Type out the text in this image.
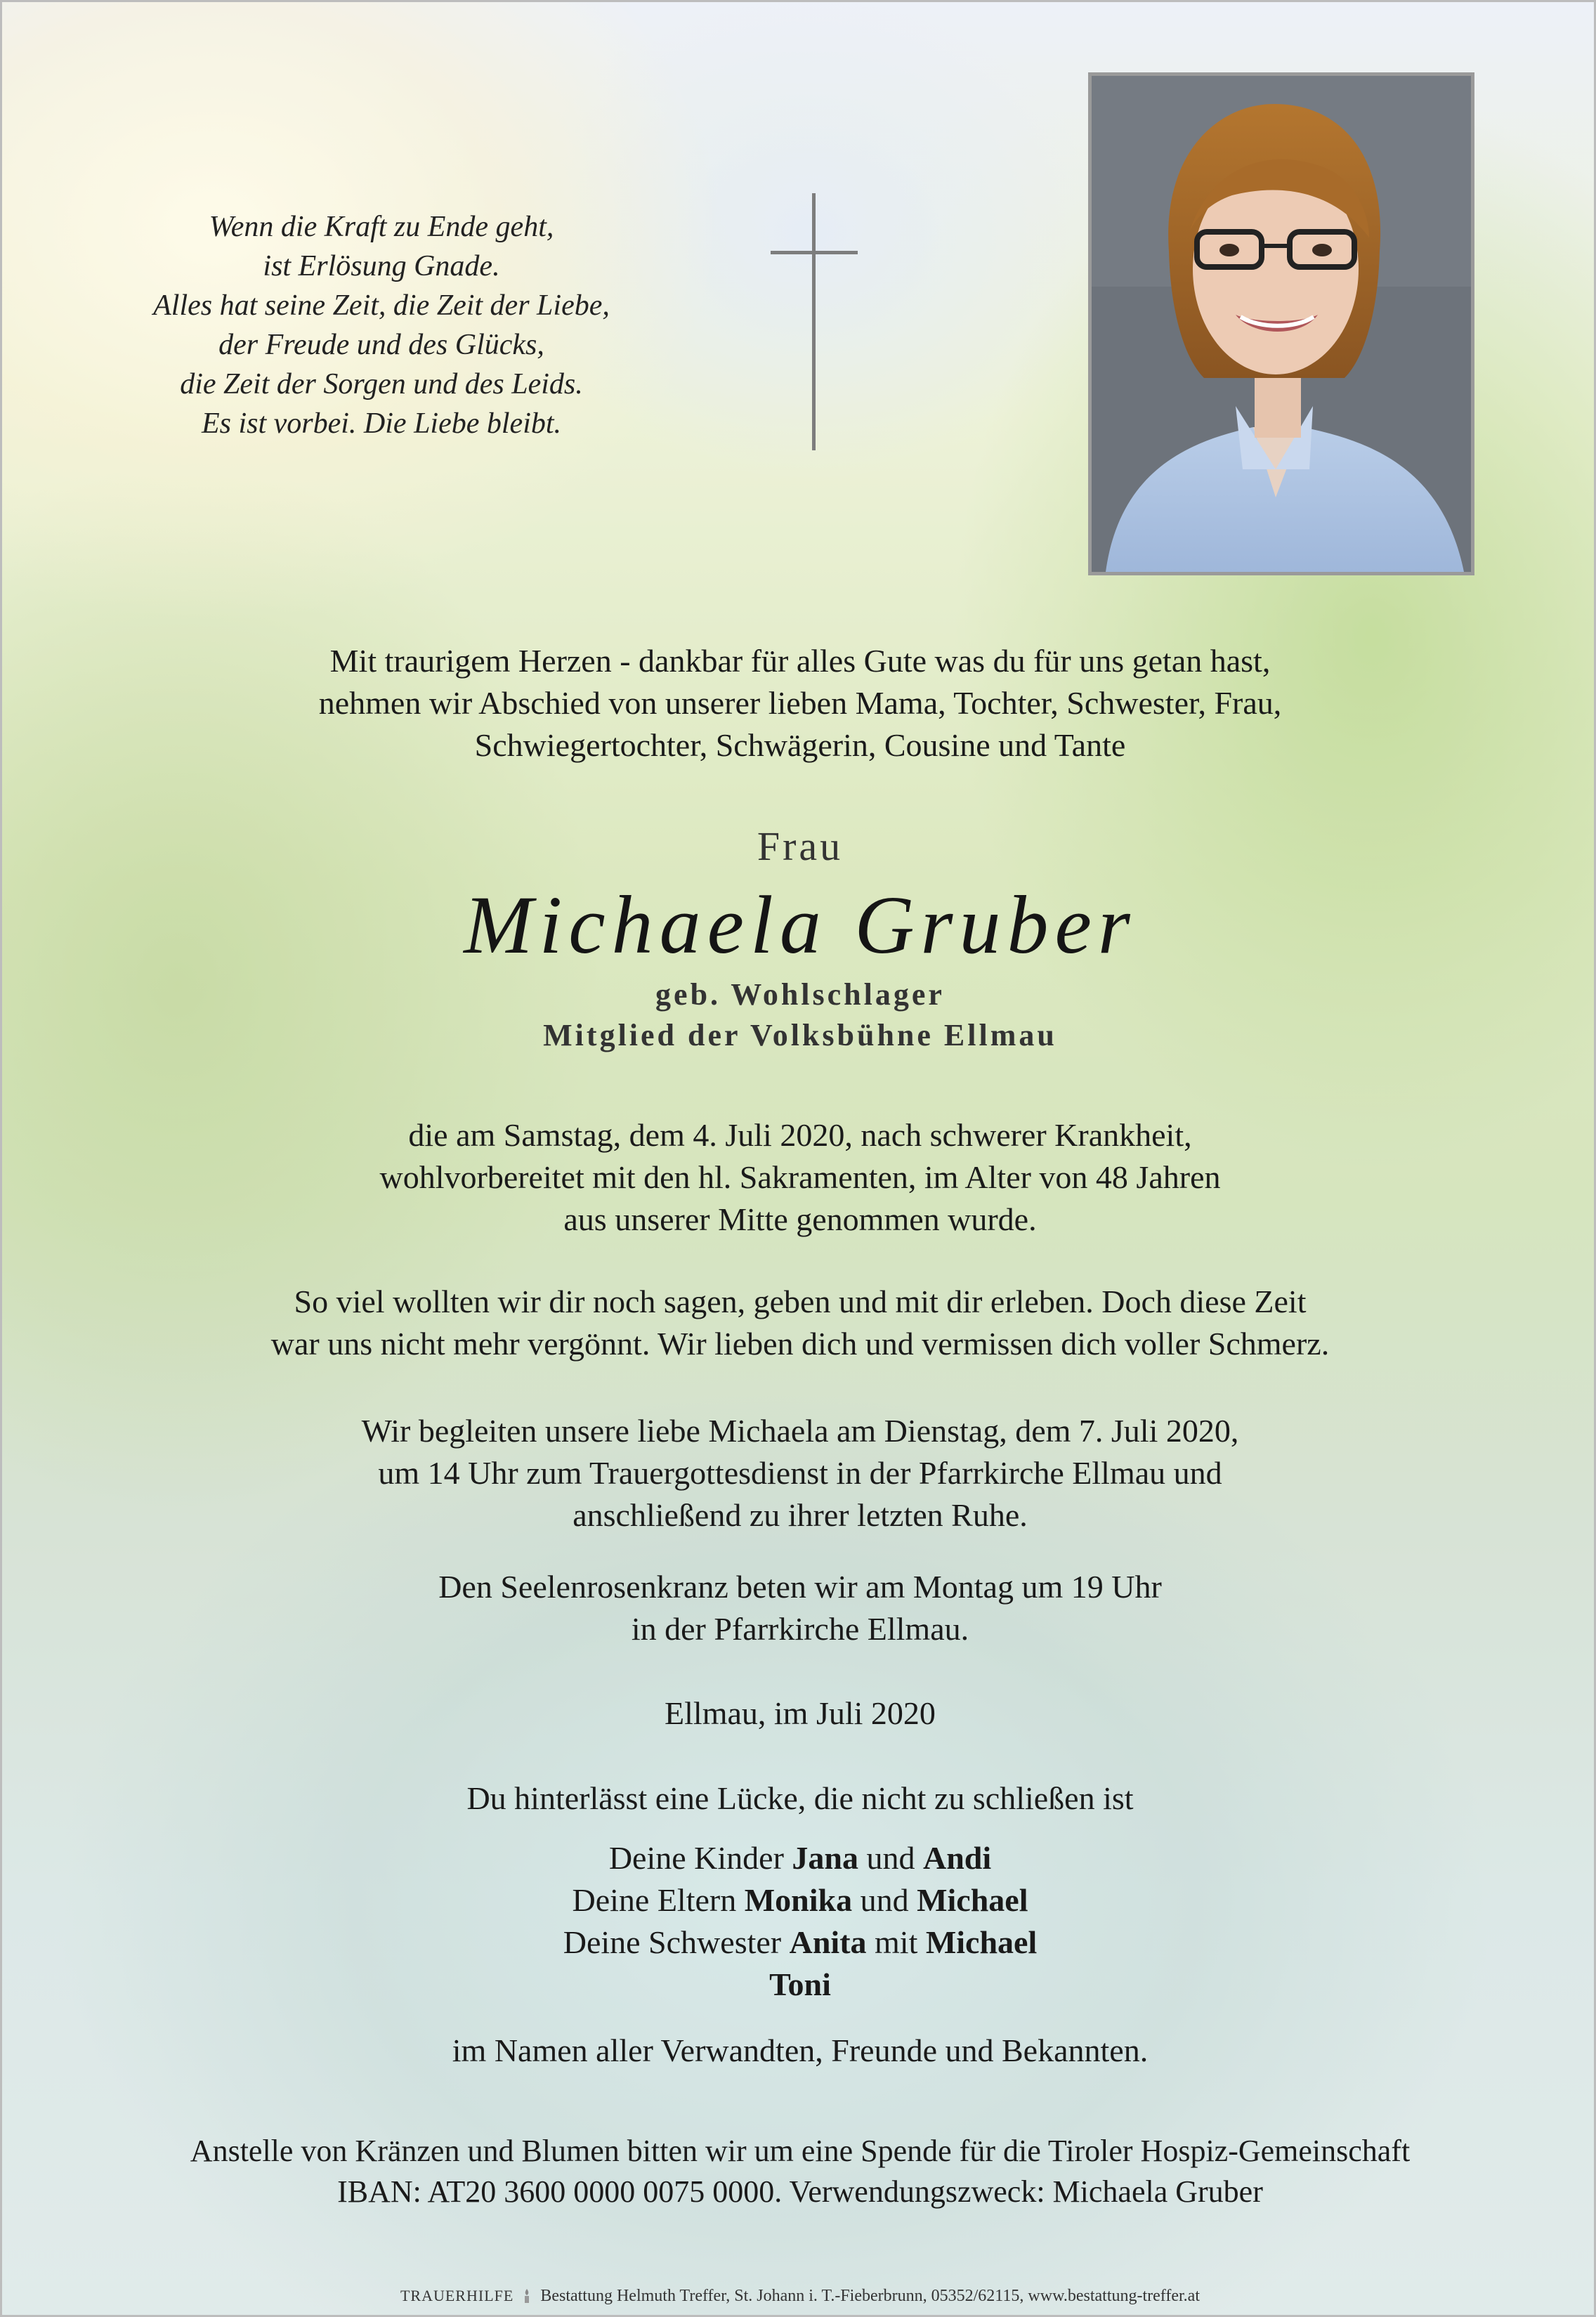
Wenn die Kraft zu Ende geht,
ist Erlösung Gnade.
Alles hat seine Zeit, die Zeit der Liebe,
der Freude und des Glücks,
die Zeit der Sorgen und des Leids.
Es ist vorbei. Die Liebe bleibt.
Mit traurigem Herzen - dankbar für alles Gute was du für uns getan hast,
nehmen wir Abschied von unserer lieben Mama, Tochter, Schwester, Frau,
Schwiegertochter, Schwägerin, Cousine und Tante
Frau
Michaela Gruber
geb. Wohlschlager
Mitglied der Volksbühne Ellmau
die am Samstag, dem 4. Juli 2020, nach schwerer Krankheit,
wohlvorbereitet mit den hl. Sakramenten, im Alter von 48 Jahren
aus unserer Mitte genommen wurde.
So viel wollten wir dir noch sagen, geben und mit dir erleben. Doch diese Zeit
war uns nicht mehr vergönnt. Wir lieben dich und vermissen dich voller Schmerz.
Wir begleiten unsere liebe Michaela am Dienstag, dem 7. Juli 2020,
um 14 Uhr zum Trauergottesdienst in der Pfarrkirche Ellmau und
anschließend zu ihrer letzten Ruhe.
Den Seelenrosenkranz beten wir am Montag um 19 Uhr
in der Pfarrkirche Ellmau.
Ellmau, im Juli 2020
Du hinterlässt eine Lücke, die nicht zu schließen ist
Deine Kinder Jana und Andi
Deine Eltern Monika und Michael
Deine Schwester Anita mit Michael
Toni
im Namen aller Verwandten, Freunde und Bekannten.
Anstelle von Kränzen und Blumen bitten wir um eine Spende für die Tiroler Hospiz-Gemeinschaft
IBAN: AT20 3600 0000 0075 0000. Verwendungszweck: Michaela Gruber
TRAUERHILFE Bestattung Helmuth Treffer, St. Johann i. T.-Fieberbrunn, 05352/62115, www.bestattung-treffer.at
